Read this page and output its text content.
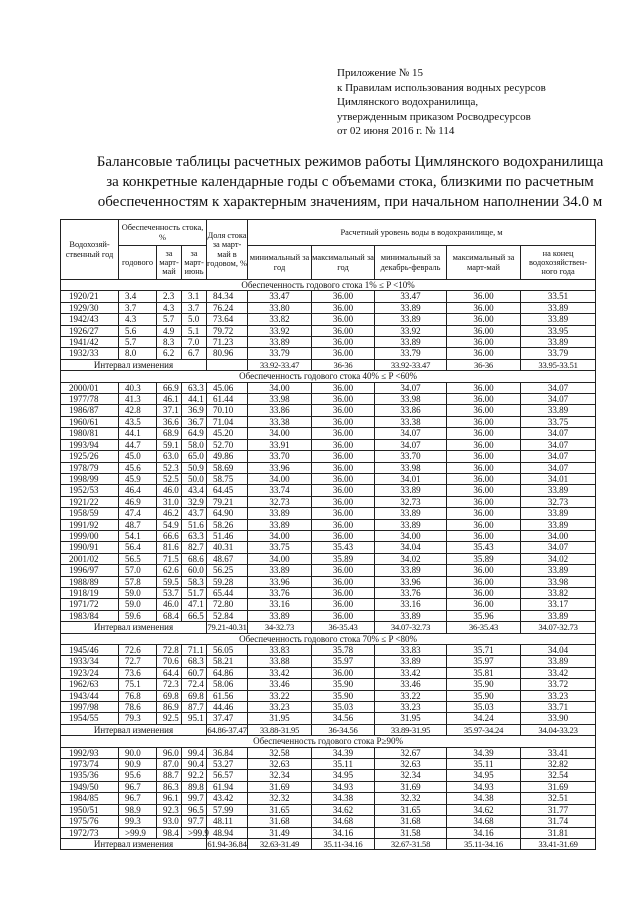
Приложение № 15
к Правилам использования водных ресурсов
Цимлянского водохранилища,
утвержденным приказом Росводресурсов
от 02 июня 2016 г. № 114
Балансовые таблицы расчетных режимов работы Цимлянского водохранилища
за конкретные календарные годы с объемами стока, близкими по расчетным
обеспеченностям к характерным значениям, при начальном наполнении 34.0 м
Водохозяй-ственный год	Обеспеченность стока, %			Доля стока за март-май в годовом, %	Расчетный уровень воды в водохранилище, м				
	годового	за март-май	за март-июнь		минимальный за год	максимальный за год	минимальный за декабрь-февраль	максимальный за март-май	на конец водохозяйствен-ного года
Обеспеченность годового стока 1% ≤ P <10%									
1920/21	3.4	2.3	3.1	84.34	33.47	36.00	33.47	36.00	33.51
1929/30	3.7	4.3	3.7	76.24	33.80	36.00	33.89	36.00	33.89
1942/43	4.3	5.7	5.0	73.64	33.82	36.00	33.89	36.00	33.89
1926/27	5.6	4.9	5.1	79.72	33.92	36.00	33.92	36.00	33.95
1941/42	5.7	8.3	7.0	71.23	33.89	36.00	33.89	36.00	33.89
1932/33	8.0	6.2	6.7	80.96	33.79	36.00	33.79	36.00	33.79
Интервал изменения					33.92-33.47	36-36	33.92-33.47	36-36	33.95-33.51
Обеспеченность годового стока 40% ≤ P <60%									
2000/01	40.3	66.9	63.3	45.06	34.00	36.00	34.07	36.00	34.07
1977/78	41.3	46.1	44.1	61.44	33.98	36.00	33.98	36.00	34.07
1986/87	42.8	37.1	36.9	70.10	33.86	36.00	33.86	36.00	33.89
1960/61	43.5	36.6	36.7	71.04	33.38	36.00	33.38	36.00	33.75
1980/81	44.1	68.9	64.9	45.20	34.00	36.00	34.07	36.00	34.07
1993/94	44.7	59.1	58.0	52.70	33.91	36.00	34.07	36.00	34.07
1925/26	45.0	63.0	65.0	49.86	33.70	36.00	33.70	36.00	34.07
1978/79	45.6	52.3	50.9	58.69	33.96	36.00	33.98	36.00	34.07
1998/99	45.9	52.5	50.0	58.75	34.00	36.00	34.01	36.00	34.01
1952/53	46.4	46.0	43.4	64.45	33.74	36.00	33.89	36.00	33.89
1921/22	46.9	31.0	32.9	79.21	32.73	36.00	32.73	36.00	32.73
1958/59	47.4	46.2	43.7	64.90	33.89	36.00	33.89	36.00	33.89
1991/92	48.7	54.9	51.6	58.26	33.89	36.00	33.89	36.00	33.89
1999/00	54.1	66.6	63.3	51.46	34.00	36.00	34.00	36.00	34.00
1990/91	56.4	81.6	82.7	40.31	33.75	35.43	34.04	35.43	34.07
2001/02	56.5	71.5	68.6	48.67	34.00	35.89	34.02	35.89	34.02
1996/97	57.0	62.6	60.0	56.25	33.89	36.00	33.89	36.00	33.89
1988/89	57.8	59.5	58.3	59.28	33.96	36.00	33.96	36.00	33.98
1918/19	59.0	53.7	51.7	65.44	33.76	36.00	33.76	36.00	33.82
1971/72	59.0	46.0	47.1	72.80	33.16	36.00	33.16	36.00	33.17
1983/84	59.6	68.4	66.5	52.84	33.89	36.00	33.89	35.96	33.89
Интервал изменения				79.21-40.31	34-32.73	36-35.43	34.07-32.73	36-35.43	34.07-32.73
Обеспеченность годового стока 70% ≤ P <80%									
1945/46	72.6	72.8	71.1	56.05	33.83	35.78	33.83	35.71	34.04
1933/34	72.7	70.6	68.3	58.21	33.88	35.97	33.89	35.97	33.89
1923/24	73.6	64.4	60.7	64.86	33.42	36.00	33.42	35.81	33.42
1962/63	75.1	72.3	72.4	58.06	33.46	35.90	33.46	35.90	33.72
1943/44	76.8	69.8	69.8	61.56	33.22	35.90	33.22	35.90	33.23
1997/98	78.6	86.9	87.7	44.46	33.23	35.03	33.23	35.03	33.71
1954/55	79.3	92.5	95.1	37.47	31.95	34.56	31.95	34.24	33.90
Интервал изменения				64.86-37.47	33.88-31.95	36-34.56	33.89-31.95	35.97-34.24	34.04-33.23
Обеспеченность годового стока P≥90%									
1992/93	90.0	96.0	99.4	36.84	32.58	34.39	32.67	34.39	33.41
1973/74	90.9	87.0	90.4	53.27	32.63	35.11	32.63	35.11	32.82
1935/36	95.6	88.7	92.2	56.57	32.34	34.95	32.34	34.95	32.54
1949/50	96.7	86.3	89.8	61.94	31.69	34.93	31.69	34.93	31.69
1984/85	96.7	96.1	99.7	43.42	32.32	34.38	32.32	34.38	32.51
1950/51	98.9	92.3	96.5	57.99	31.65	34.62	31.65	34.62	31.77
1975/76	99.3	93.0	97.7	48.11	31.68	34.68	31.68	34.68	31.74
1972/73	>99.9	98.4	>99.9	48.94	31.49	34.16	31.58	34.16	31.81
Интервал изменения				61.94-36.84	32.63-31.49	35.11-34.16	32.67-31.58	35.11-34.16	33.41-31.69
